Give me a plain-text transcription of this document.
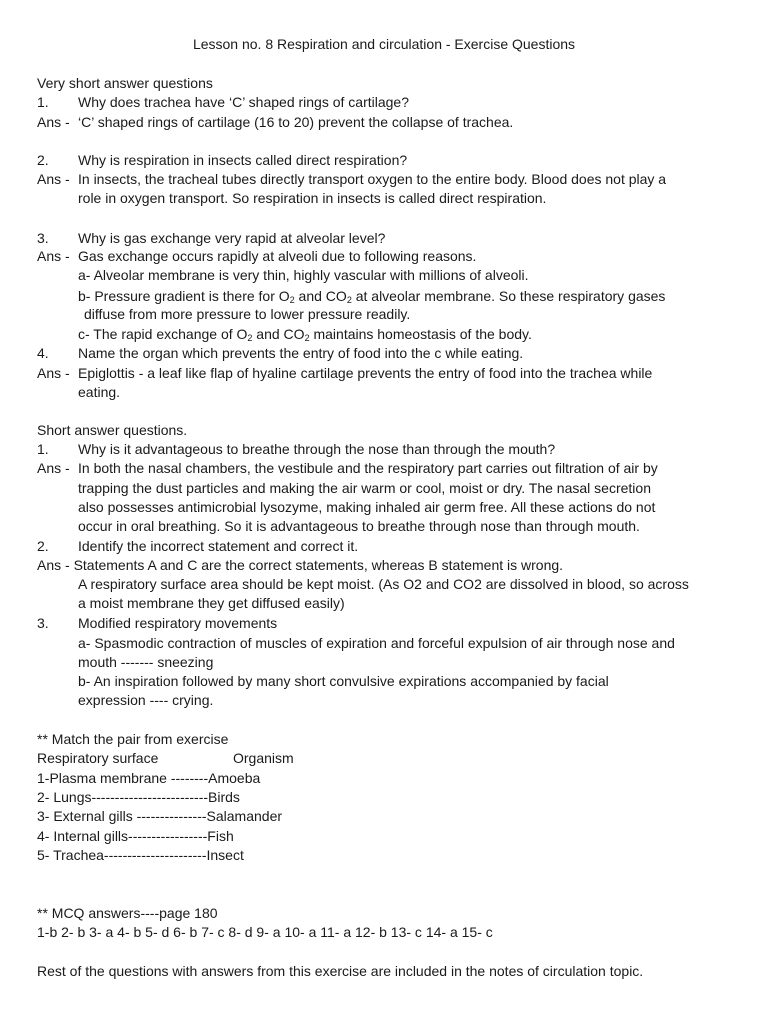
Lesson no. 8 Respiration and circulation - Exercise Questions
Very short answer questions
1. Why does trachea have ‘C’ shaped rings of cartilage?
Ans - ‘C’ shaped rings of cartilage (16 to 20) prevent the collapse of trachea.
2. Why is respiration in insects called direct respiration?
Ans - In insects, the tracheal tubes directly transport oxygen to the entire body. Blood does not play a
role in oxygen transport. So respiration in insects is called direct respiration.
3. Why is gas exchange very rapid at alveolar level?
Ans - Gas exchange occurs rapidly at alveoli due to following reasons.
a- Alveolar membrane is very thin, highly vascular with millions of alveoli.
b- Pressure gradient is there for $O_2$ and $CO_2$ at alveolar membrane. So these respiratory gases
diffuse from more pressure to lower pressure readily.
c- The rapid exchange of $O_2$ and $CO_2$ maintains homeostasis of the body.
4. Name the organ which prevents the entry of food into the c while eating.
Ans - Epiglottis - a leaf like flap of hyaline cartilage prevents the entry of food into the trachea while
eating.
Short answer questions.
1. Why is it advantageous to breathe through the nose than through the mouth?
Ans - In both the nasal chambers, the vestibule and the respiratory part carries out filtration of air by
trapping the dust particles and making the air warm or cool, moist or dry. The nasal secretion
also possesses antimicrobial lysozyme, making inhaled air germ free. All these actions do not
occur in oral breathing. So it is advantageous to breathe through nose than through mouth.
2. Identify the incorrect statement and correct it.
Ans - Statements A and C are the correct statements, whereas B statement is wrong.
A respiratory surface area should be kept moist. (As O2 and CO2 are dissolved in blood, so across
a moist membrane they get diffused easily)
3. Modified respiratory movements
a- Spasmodic contraction of muscles of expiration and forceful expulsion of air through nose and
mouth ------- sneezing
b- An inspiration followed by many short convulsive expirations accompanied by facial
expression ---- crying.
** Match the pair from exercise
Respiratory surface	Organism
1-Plasma membrane --------Amoeba
2- Lungs-------------------------Birds
3- External gills ---------------Salamander
4- Internal gills-----------------Fish
5- Trachea----------------------Insect
** MCQ answers----page 180
1-b 2- b 3- a 4- b 5- d 6- b 7- c 8- d 9- a 10- a 11- a 12- b 13- c 14- a 15- c
Rest of the questions with answers from this exercise are included in the notes of circulation topic.
